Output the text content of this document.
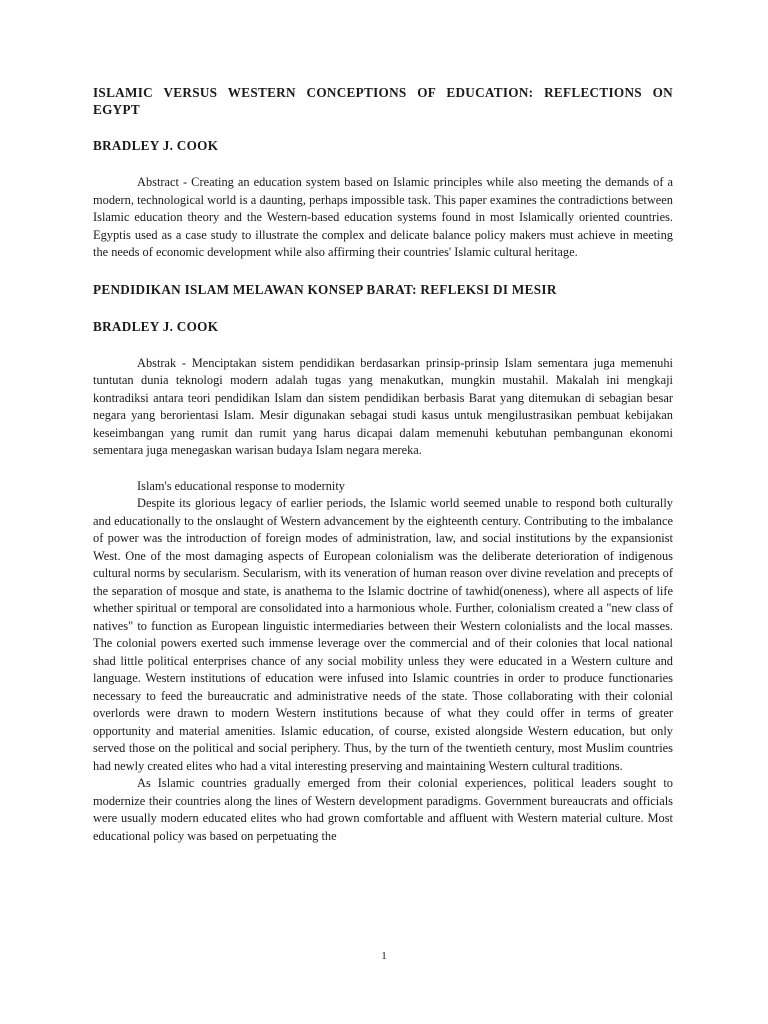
ISLAMIC VERSUS WESTERN CONCEPTIONS OF EDUCATION: REFLECTIONS ON EGYPT

BRADLEY J. COOK

Abstract - Creating an education system based on Islamic principles while also meeting the demands of a modern, technological world is a daunting, perhaps impossible task. This paper examines the contradictions between Islamic education theory and the Western-based education systems found in most Islamically oriented countries. Egyptis used as a case study to illustrate the complex and delicate balance policy makers must achieve in meeting the needs of economic development while also affirming their countries' Islamic cultural heritage.

PENDIDIKAN ISLAM MELAWAN KONSEP BARAT: REFLEKSI DI MESIR

BRADLEY J. COOK

Abstrak - Menciptakan sistem pendidikan berdasarkan prinsip-prinsip Islam sementara juga memenuhi tuntutan dunia teknologi modern adalah tugas yang menakutkan, mungkin mustahil. Makalah ini mengkaji kontradiksi antara teori pendidikan Islam dan sistem pendidikan berbasis Barat yang ditemukan di sebagian besar negara yang berorientasi Islam. Mesir digunakan sebagai studi kasus untuk mengilustrasikan pembuat kebijakan keseimbangan yang rumit dan rumit yang harus dicapai dalam memenuhi kebutuhan pembangunan ekonomi sementara juga menegaskan warisan budaya Islam negara mereka.

Islam's educational response to modernity

Despite its glorious legacy of earlier periods, the Islamic world seemed unable to respond both culturally and educationally to the onslaught of Western advancement by the eighteenth century. Contributing to the imbalance of power was the introduction of foreign modes of administration, law, and social institutions by the expansionist West. One of the most damaging aspects of European colonialism was the deliberate deterioration of indigenous cultural norms by secularism. Secularism, with its veneration of human reason over divine revelation and precepts of the separation of mosque and state, is anathema to the Islamic doctrine of tawhid(oneness), where all aspects of life whether spiritual or temporal are consolidated into a harmonious whole. Further, colonialism created a "new class of natives" to function as European linguistic intermediaries between their Western colonialists and the local masses. The colonial powers exerted such immense leverage over the commercial and of their colonies that local national shad little political enterprises chance of any social mobility unless they were educated in a Western culture and language. Western institutions of education were infused into Islamic countries in order to produce functionaries necessary to feed the bureaucratic and administrative needs of the state. Those collaborating with their colonial overlords were drawn to modern Western institutions because of what they could offer in terms of greater opportunity and material amenities. Islamic education, of course, existed alongside Western education, but only served those on the political and social periphery. Thus, by the turn of the twentieth century, most Muslim countries had newly created elites who had a vital interesting preserving and maintaining Western cultural traditions.

As Islamic countries gradually emerged from their colonial experiences, political leaders sought to modernize their countries along the lines of Western development paradigms. Government bureaucrats and officials were usually modern educated elites who had grown comfortable and affluent with Western material culture. Most educational policy was based on perpetuating the

1
